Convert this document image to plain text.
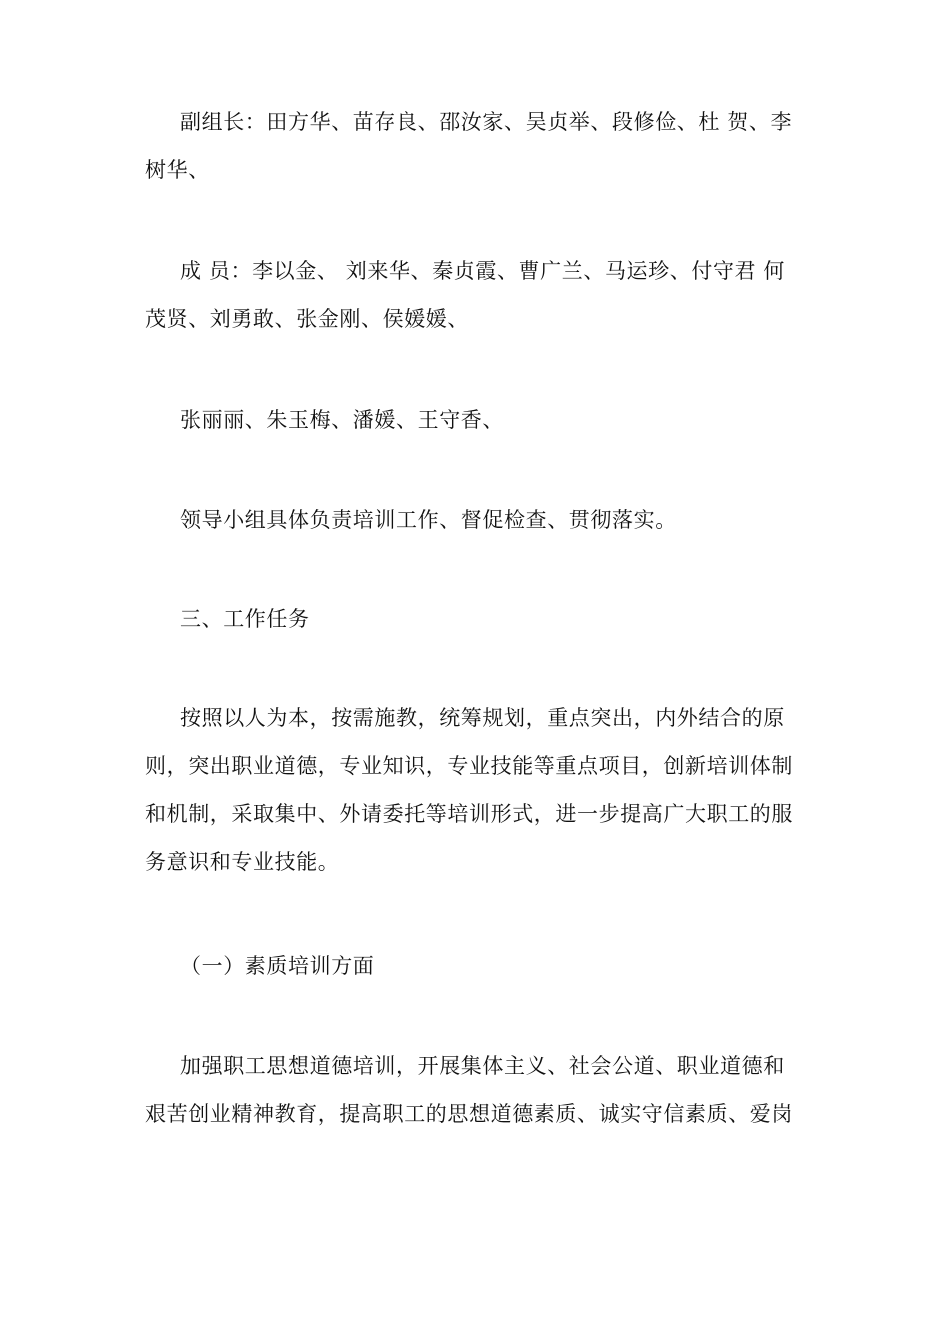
副组长：田方华、苗存良、邵汝家、吴贞举、段修俭、杜 贺、李
树华、

成 员：李以金、 刘来华、秦贞霞、曹广兰、马运珍、付守君 何
茂贤、刘勇敢、张金刚、侯媛媛、

张丽丽、朱玉梅、潘媛、王守香、

领导小组具体负责培训工作、督促检查、贯彻落实。

三、工作任务

按照以人为本，按需施教，统筹规划，重点突出，内外结合的原
则，突出职业道德，专业知识，专业技能等重点项目，创新培训体制
和机制，采取集中、外请委托等培训形式，进一步提高广大职工的服
务意识和专业技能。

（一）素质培训方面

加强职工思想道德培训，开展集体主义、社会公道、职业道德和
艰苦创业精神教育，提高职工的思想道德素质、诚实守信素质、爱岗
